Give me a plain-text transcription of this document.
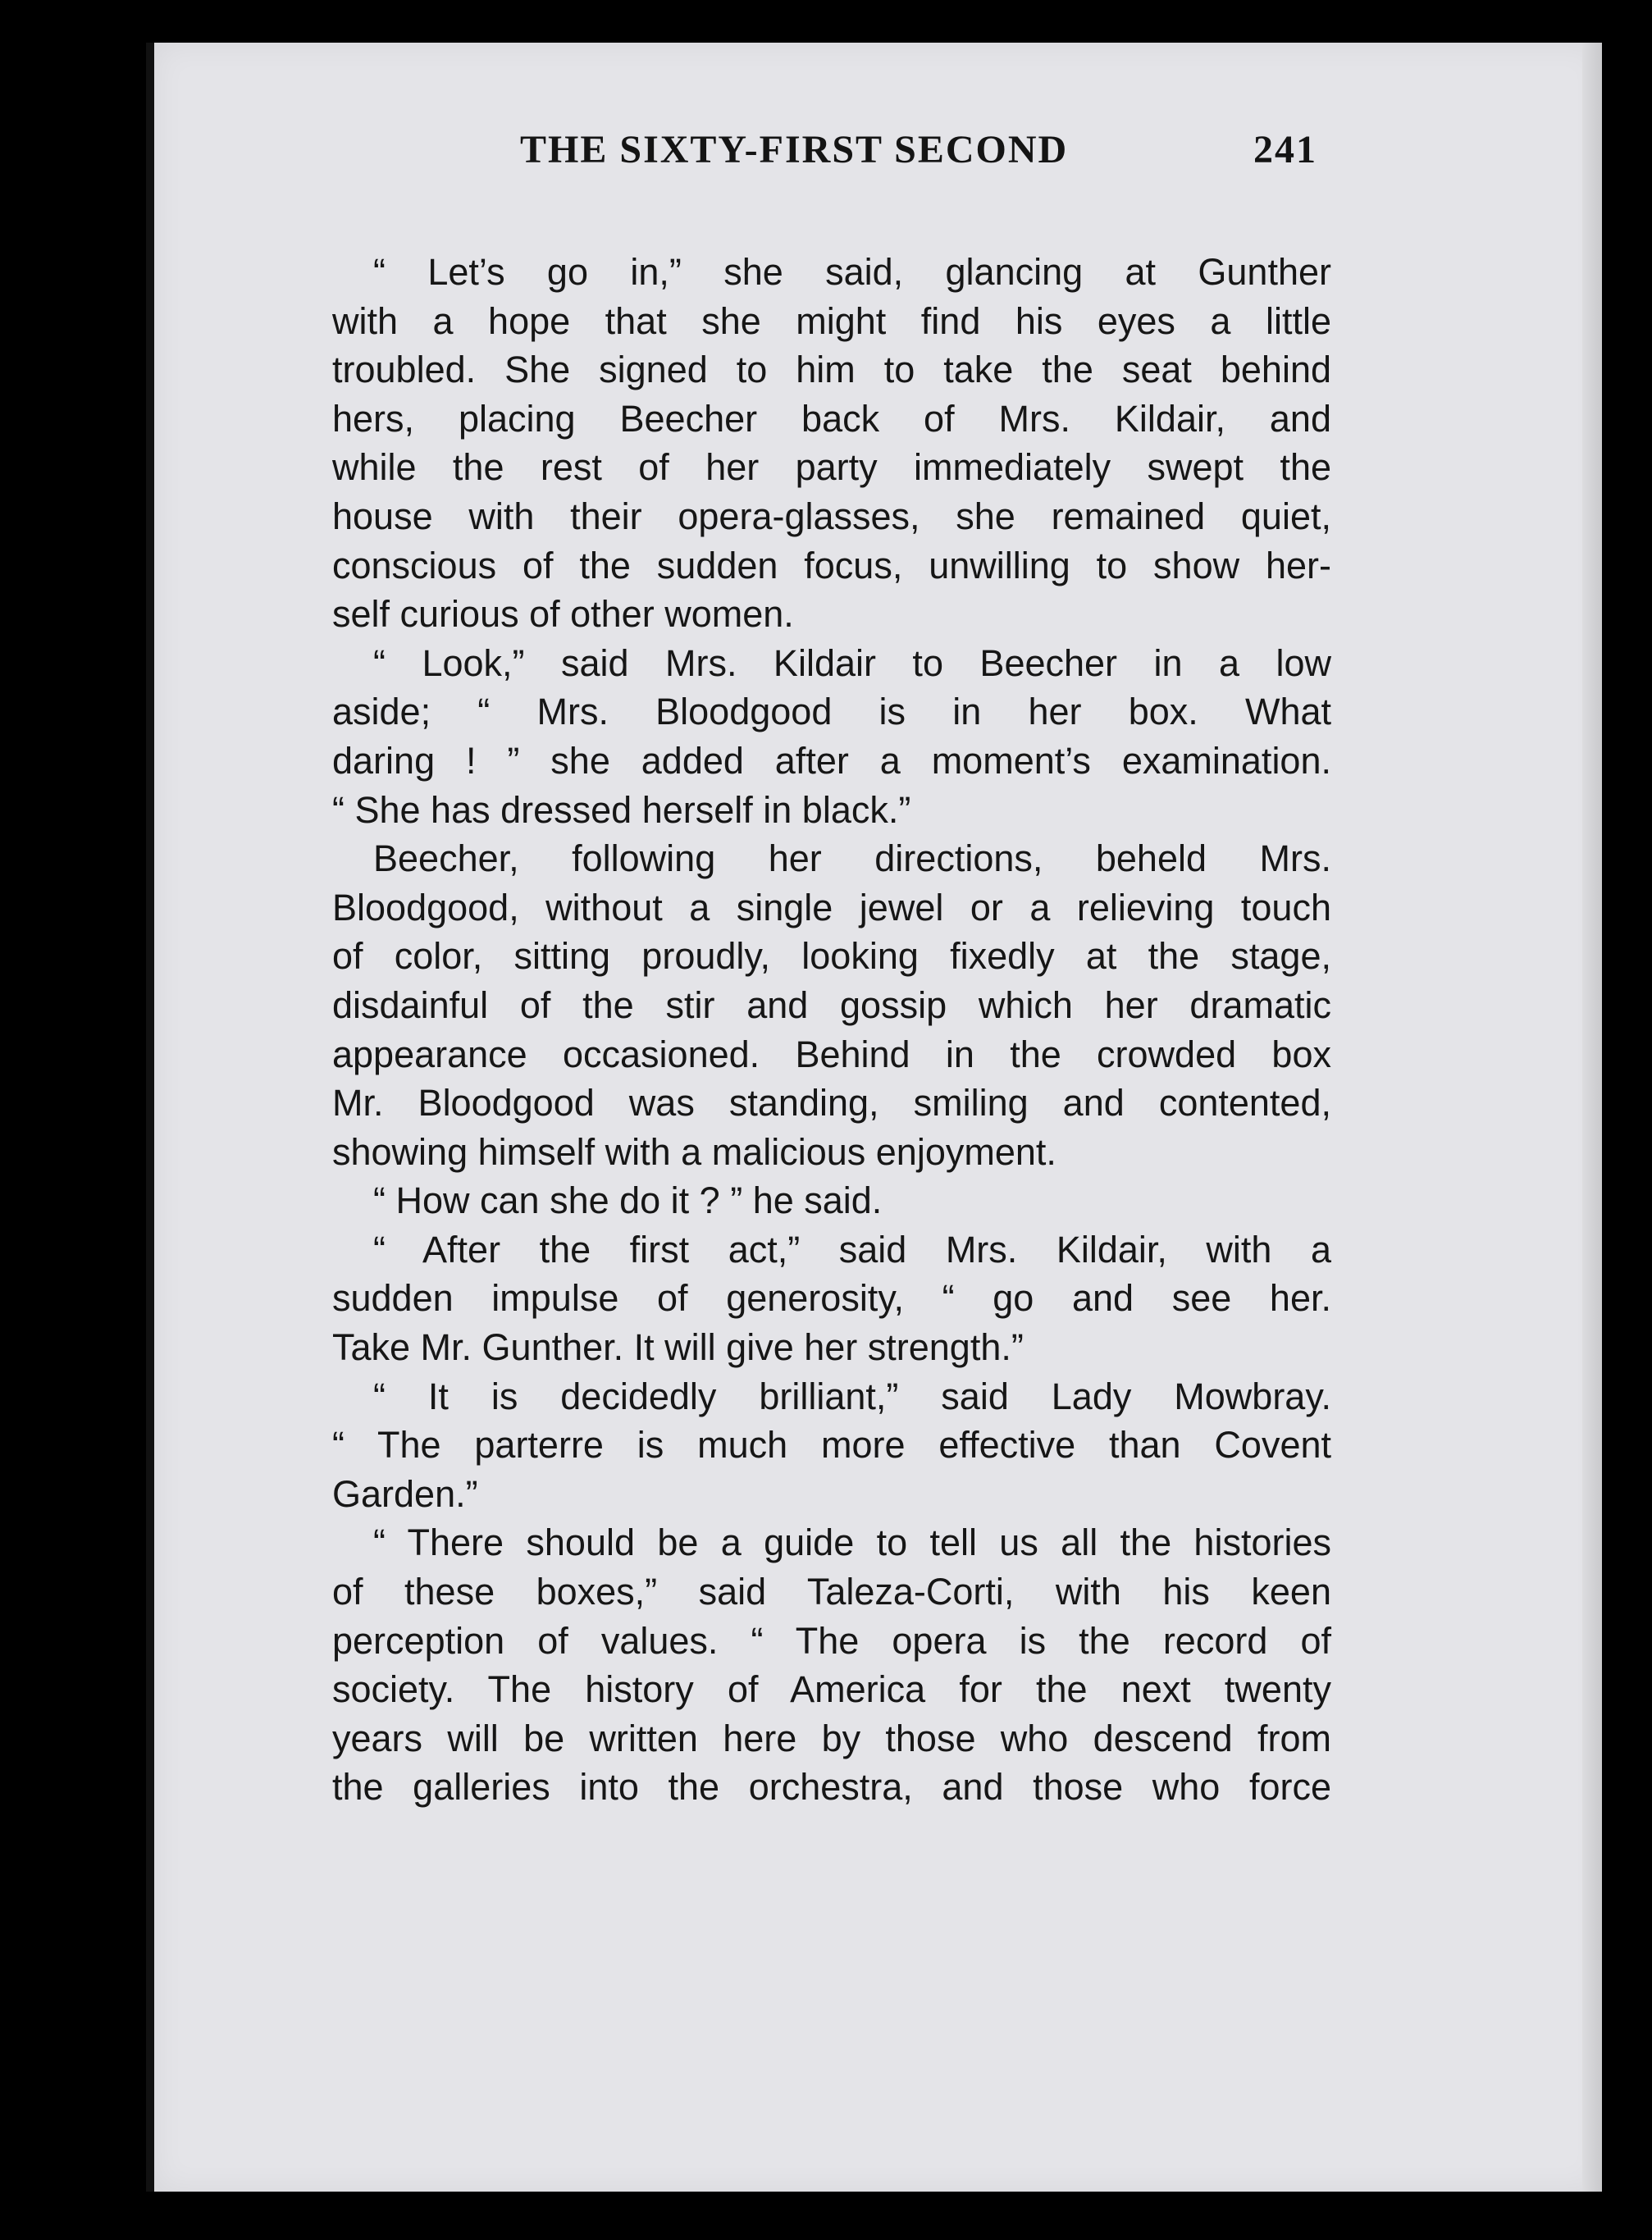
THE SIXTY-FIRST SECOND	241
“ Let’s go in,” she said, glancing at Gunther
with a hope that she might find his eyes a little
troubled. She signed to him to take the seat behind
hers, placing Beecher back of Mrs. Kildair, and
while the rest of her party immediately swept the
house with their opera-glasses, she remained quiet,
conscious of the sudden focus, unwilling to show her-
self curious of other women.
“ Look,” said Mrs. Kildair to Beecher in a low
aside; “ Mrs. Bloodgood is in her box. What
daring ! ” she added after a moment’s examination.
“ She has dressed herself in black.”
Beecher, following her directions, beheld Mrs.
Bloodgood, without a single jewel or a relieving touch
of color, sitting proudly, looking fixedly at the stage,
disdainful of the stir and gossip which her dramatic
appearance occasioned. Behind in the crowded box
Mr. Bloodgood was standing, smiling and contented,
showing himself with a malicious enjoyment.
“ How can she do it ? ” he said.
“ After the first act,” said Mrs. Kildair, with a
sudden impulse of generosity, “ go and see her.
Take Mr. Gunther. It will give her strength.”
“ It is decidedly brilliant,” said Lady Mowbray.
“ The parterre is much more effective than Covent
Garden.”
“ There should be a guide to tell us all the histories
of these boxes,” said Taleza-Corti, with his keen
perception of values. “ The opera is the record of
society. The history of America for the next twenty
years will be written here by those who descend from
the galleries into the orchestra, and those who force
